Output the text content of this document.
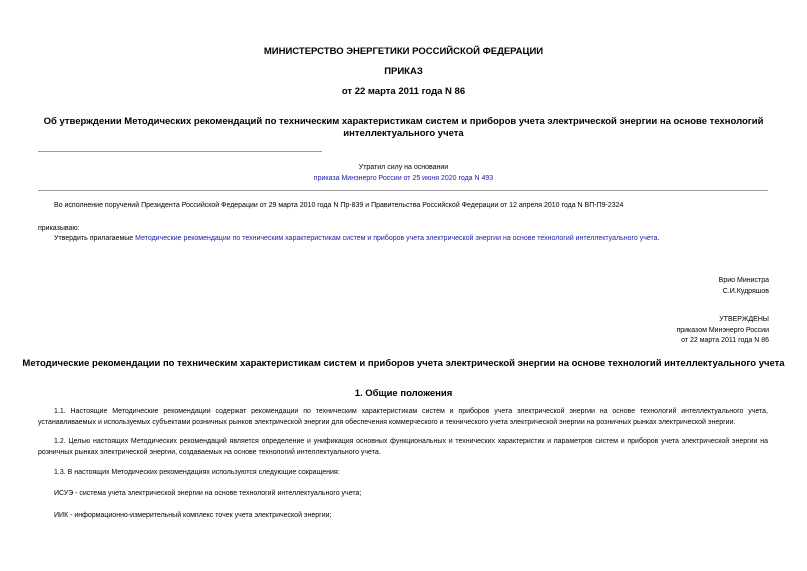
МИНИСТЕРСТВО ЭНЕРГЕТИКИ РОССИЙСКОЙ ФЕДЕРАЦИИ
ПРИКАЗ
от 22 марта 2011 года N 86
Об утверждении Методических рекомендаций по техническим характеристикам систем и приборов учета электрической энергии на основе технологий
интеллектуального учета
Утратил силу на основании
приказа Минэнерго России от 25 июня 2020 года N 493
Во исполнение поручений Президента Российской Федерации от 29 марта 2010 года N Пр-839 и Правительства Российской Федерации от 12 апреля 2010 года N ВП-П9-2324
приказываю:
Утвердить прилагаемые Методические рекомендации по техническим характеристикам систем и приборов учета электрической энергии на основе технологий интеллектуального учета.
Врио Министра
С.И.Кудряшов
УТВЕРЖДЕНЫ
приказом Минэнерго России
от 22 марта 2011 года N 86
Методические рекомендации по техническим характеристикам систем и приборов учета электрической энергии на основе технологий интеллектуального учета
1. Общие положения
1.1. Настоящие Методические рекомендации содержат рекомендации по техническим характеристикам систем и приборов учета электрической энергии на основе технологий интеллектуального учета,
устанавливаемых и используемых субъектами розничных рынков электрической энергии для обеспечения коммерческого и технического учета электрической энергии на розничных рынках электрической энергии.
1.2. Целью настоящих Методических рекомендаций является определение и унификация основных функциональных и технических характеристик и параметров систем и приборов учета электрической энергии на
розничных рынках электрической энергии, создаваемых на основе технологий интеллектуального учета.
1.3. В настоящих Методических рекомендациях используются следующие сокращения:
ИСУЭ - система учета электрической энергии на основе технологий интеллектуального учета;
ИИК - информационно-измерительный комплекс точек учета электрической энергии;
